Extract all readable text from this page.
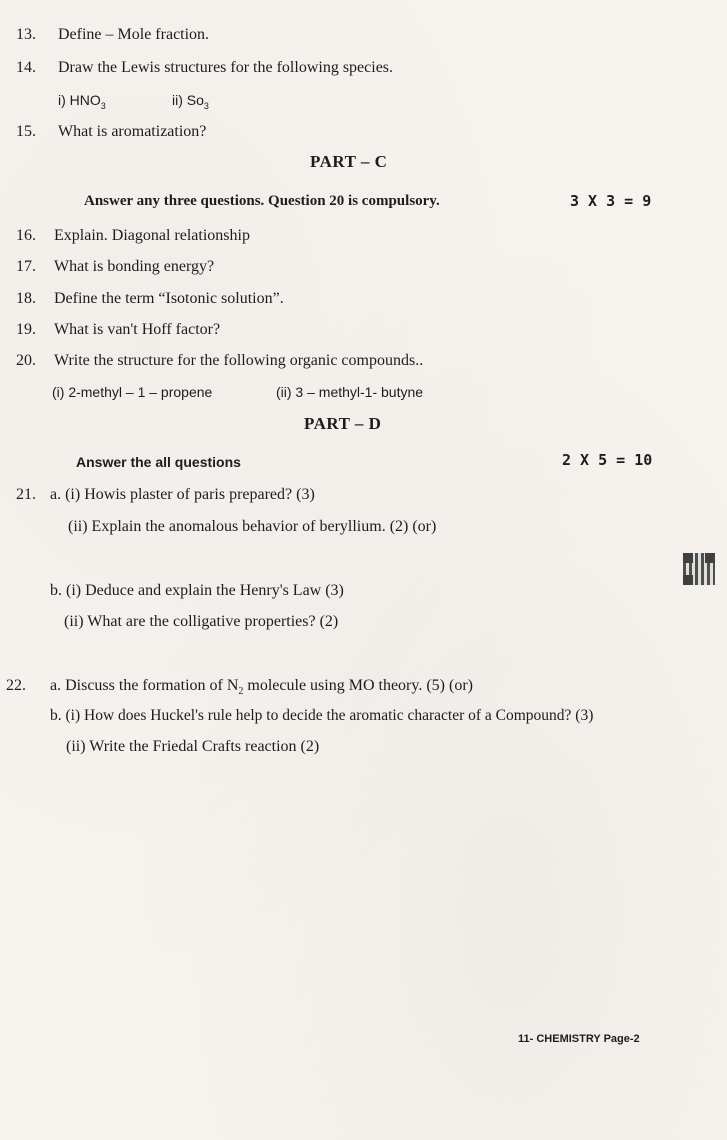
13. Define – Mole fraction.
14. Draw the Lewis structures for the following species.
i) $HNO_3$	ii) $So_3$
15. What is aromatization?
PART – C
Answer any three questions. Question 20 is compulsory.	3 X 3 = 9
16. Explain. Diagonal relationship
17. What is bonding energy?
18. Define the term “Isotonic solution”.
19. What is van't Hoff factor?
20. Write the structure for the following organic compounds..
(i) 2-methyl – 1 – propene	(ii) 3 – methyl-1- butyne
PART – D
Answer the all questions	2 X 5 = 10
21. a. (i) Howis plaster of paris prepared? (3)
(ii) Explain the anomalous behavior of beryllium. (2) (or)
b. (i) Deduce and explain the Henry's Law (3)
(ii) What are the colligative properties? (2)
22. a. Discuss the formation of $N_2$ molecule using MO theory. (5) (or)
b. (i) How does Huckel's rule help to decide the aromatic character of a Compound? (3)
(ii) Write the Friedal Crafts reaction (2)
11- CHEMISTRY Page-2
